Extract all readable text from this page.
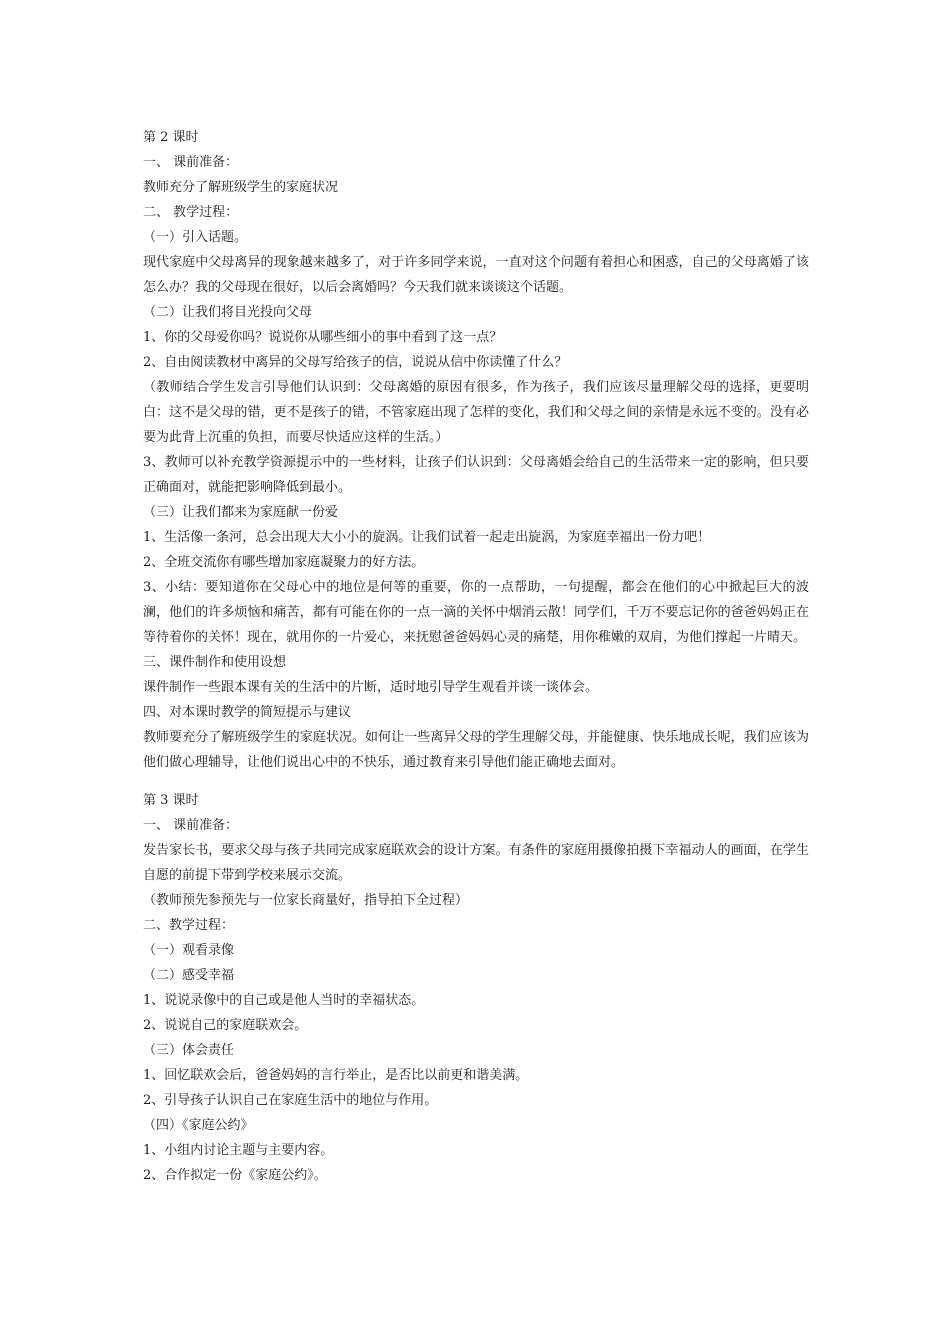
第 2 课时

一、 课前准备：

教师充分了解班级学生的家庭状况

二、 教学过程：

（一）引入话题。

现代家庭中父母离异的现象越来越多了，对于许多同学来说，一直对这个问题有着担心和困惑，自己的父母离婚了该怎么办？我的父母现在很好，以后会离婚吗？今天我们就来谈谈这个话题。

（二）让我们将目光投向父母

1、你的父母爱你吗？说说你从哪些细小的事中看到了这一点？

2、自由阅读教材中离异的父母写给孩子的信，说说从信中你读懂了什么？

（教师结合学生发言引导他们认识到：父母离婚的原因有很多，作为孩子，我们应该尽量理解父母的选择，更要明白：这不是父母的错，更不是孩子的错，不管家庭出现了怎样的变化，我们和父母之间的亲情是永远不变的。没有必要为此背上沉重的负担，而要尽快适应这样的生活。）

3、教师可以补充教学资源提示中的一些材料，让孩子们认识到：父母离婚会给自己的生活带来一定的影响，但只要正确面对，就能把影响降低到最小。

（三）让我们都来为家庭献一份爱

1、生活像一条河，总会出现大大小小的旋涡。让我们试着一起走出旋涡，为家庭幸福出一份力吧！

2、全班交流你有哪些增加家庭凝聚力的好方法。

3、小结：要知道你在父母心中的地位是何等的重要，你的一点帮助，一句提醒，都会在他们的心中掀起巨大的波澜，他们的许多烦恼和痛苦，都有可能在你的一点一滴的关怀中烟消云散！同学们，千万不要忘记你的爸爸妈妈正在等待着你的关怀！现在，就用你的一片爱心，来抚慰爸爸妈妈心灵的痛楚，用你稚嫩的双肩，为他们撑起一片晴天。

三、课件制作和使用设想

课件制作一些跟本课有关的生活中的片断，适时地引导学生观看并谈一谈体会。

四、对本课时教学的简短提示与建议

教师要充分了解班级学生的家庭状况。如何让一些离异父母的学生理解父母，并能健康、快乐地成长呢，我们应该为他们做心理辅导，让他们说出心中的不快乐，通过教育来引导他们能正确地去面对。

第 3 课时

一、 课前准备：

发告家长书，要求父母与孩子共同完成家庭联欢会的设计方案。有条件的家庭用摄像拍摄下幸福动人的画面，在学生自愿的前提下带到学校来展示交流。

（教师预先参预先与一位家长商量好，指导拍下全过程）

二、教学过程：

（一）观看录像

（二）感受幸福

1、说说录像中的自己或是他人当时的幸福状态。

2、说说自己的家庭联欢会。

（三）体会责任

1、回忆联欢会后，爸爸妈妈的言行举止，是否比以前更和谐美满。

2、引导孩子认识自己在家庭生活中的地位与作用。

（四）《家庭公约》

1、小组内讨论主题与主要内容。

2、合作拟定一份《家庭公约》。
